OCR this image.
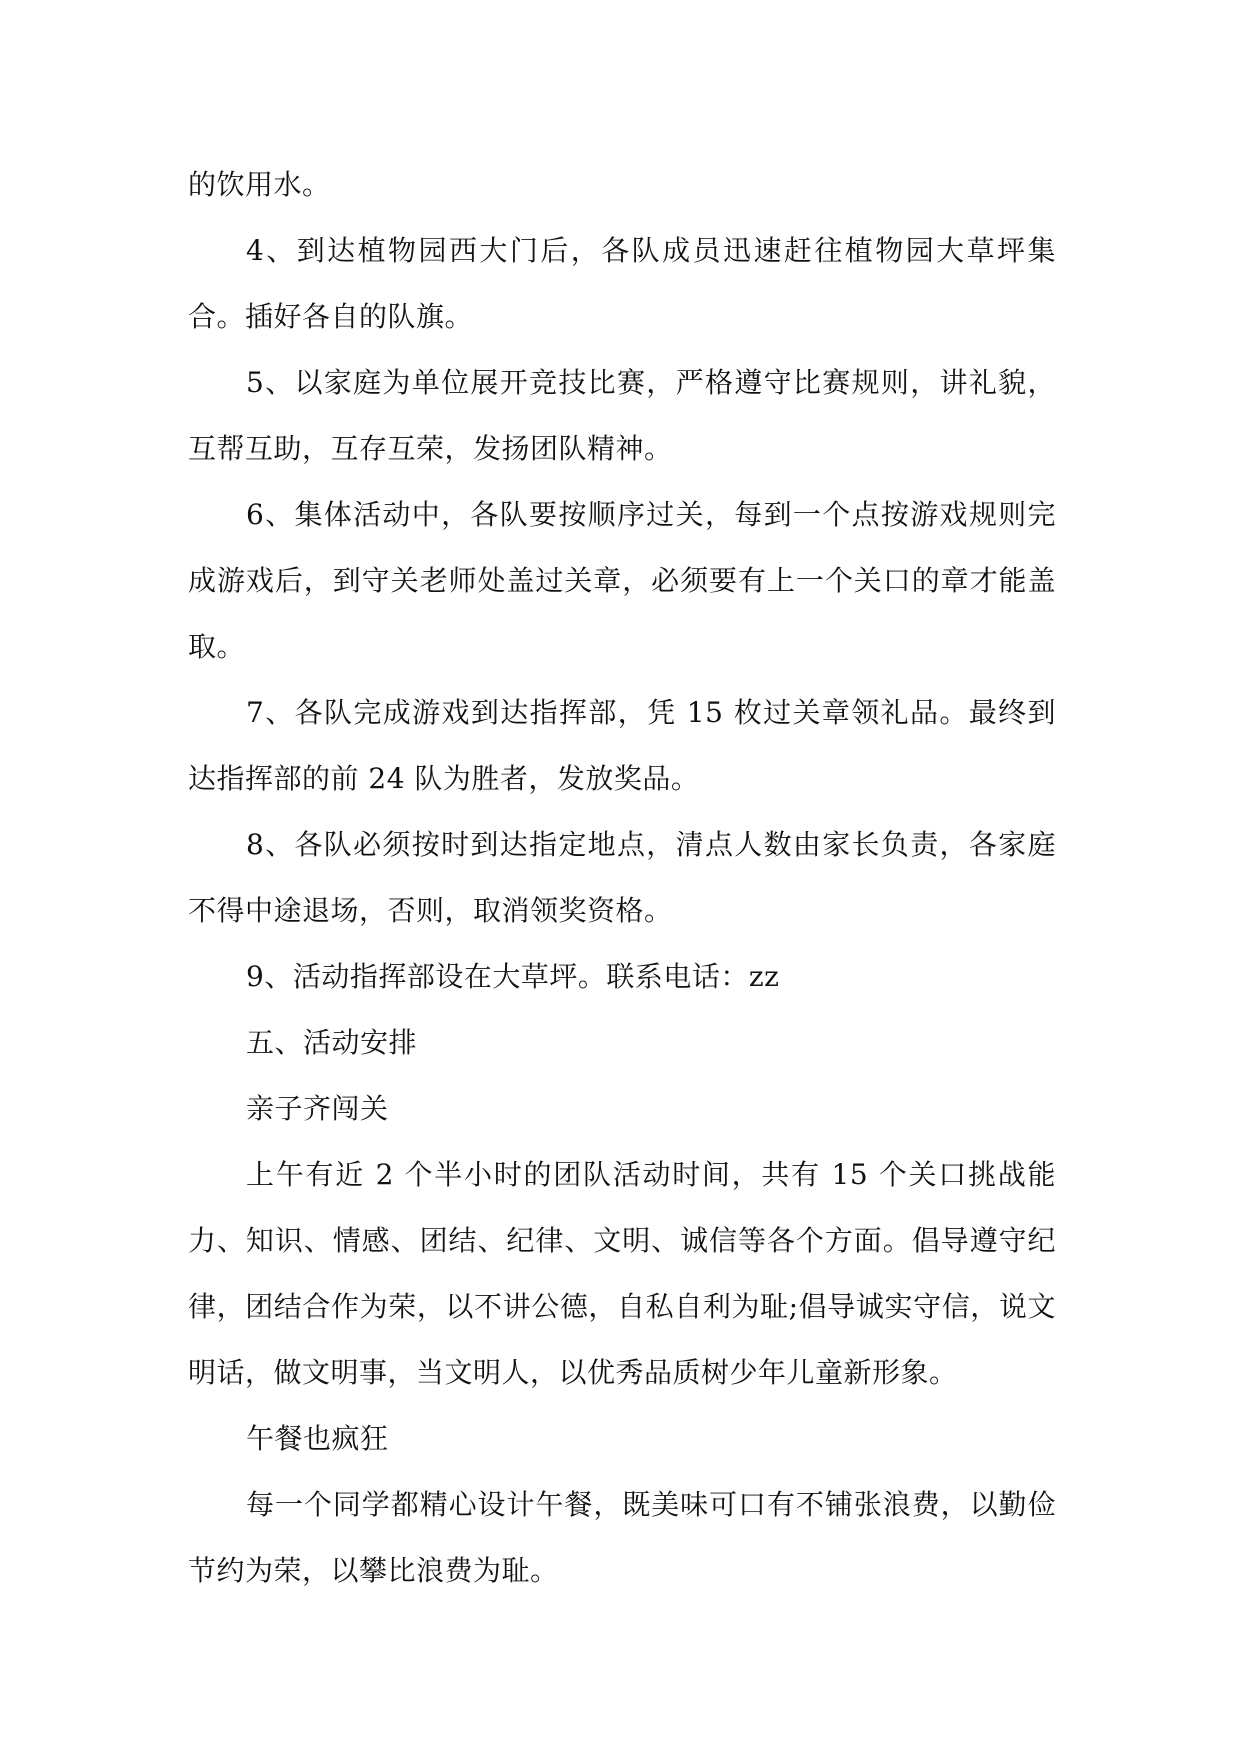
的饮用水。

4、到达植物园西大门后，各队成员迅速赶往植物园大草坪集合。插好各自的队旗。

5、以家庭为单位展开竞技比赛，严格遵守比赛规则，讲礼貌，互帮互助，互存互荣，发扬团队精神。

6、集体活动中，各队要按顺序过关，每到一个点按游戏规则完成游戏后，到守关老师处盖过关章，必须要有上一个关口的章才能盖取。

7、各队完成游戏到达指挥部，凭 15 枚过关章领礼品。最终到达指挥部的前 24 队为胜者，发放奖品。

8、各队必须按时到达指定地点，清点人数由家长负责，各家庭不得中途退场，否则，取消领奖资格。

9、活动指挥部设在大草坪。联系电话：zz

五、活动安排

亲子齐闯关

上午有近 2 个半小时的团队活动时间，共有 15 个关口挑战能力、知识、情感、团结、纪律、文明、诚信等各个方面。倡导遵守纪律，团结合作为荣，以不讲公德，自私自利为耻;倡导诚实守信，说文明话，做文明事，当文明人，以优秀品质树少年儿童新形象。

午餐也疯狂

每一个同学都精心设计午餐，既美味可口有不铺张浪费，以勤俭节约为荣，以攀比浪费为耻。
